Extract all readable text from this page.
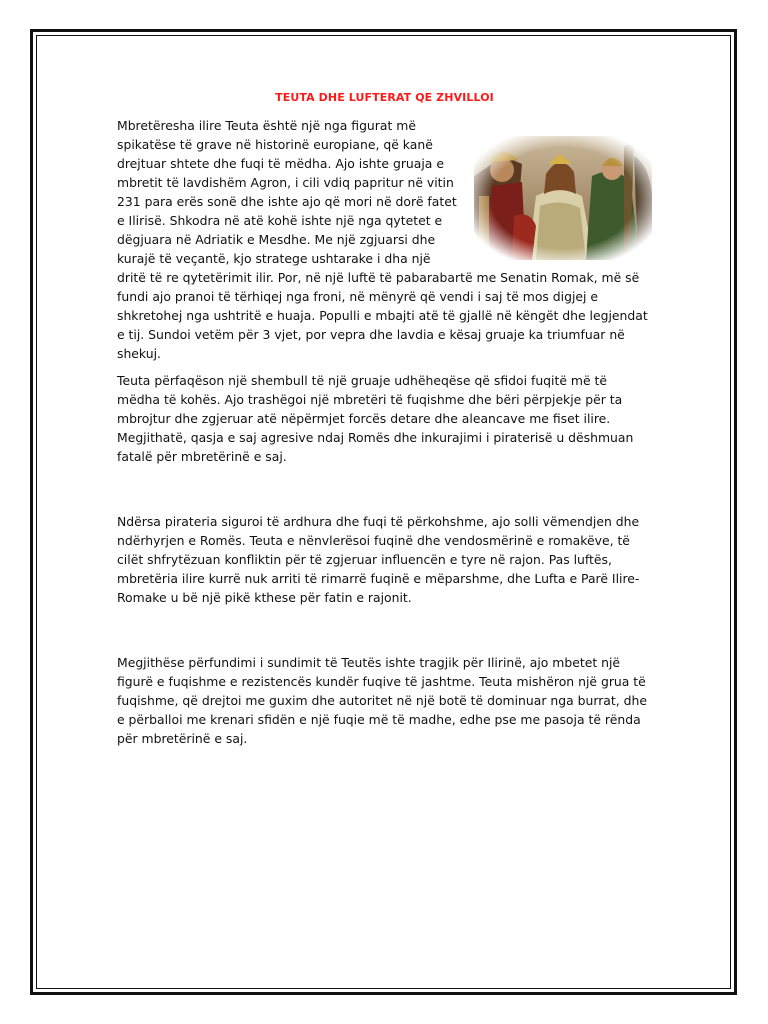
TEUTA DHE LUFTERAT QE ZHVILLOI

Mbretëresha ilire Teuta është një nga figurat më spikatëse të grave në historinë europiane, që kanë drejtuar shtete dhe fuqi të mëdha. Ajo ishte gruaja e mbretit të lavdishëm Agron, i cili vdiq papritur në vitin 231 para erës sonë dhe ishte ajo që mori në dorë fatet e Ilirisë. Shkodra në atë kohë ishte një nga qytetet e dëgjuara në Adriatik e Mesdhe. Me një zgjuarsi dhe kurajë të veçantë, kjo stratege ushtarake i dha një dritë të re qytetërimit ilir. Por, në një luftë të pabarabartë me Senatin Romak, më së fundi ajo pranoi të tërhiqej nga froni, në mënyrë që vendi i saj të mos digjej e shkretohej nga ushtritë e huaja. Populli e mbajti atë të gjallë në këngët dhe legjendat e tij. Sundoi vetëm për 3 vjet, por vepra dhe lavdia e kësaj gruaje ka triumfuar në shekuj.

Teuta përfaqëson një shembull të një gruaje udhëheqëse që sfidoi fuqitë më të mëdha të kohës. Ajo trashëgoi një mbretëri të fuqishme dhe bëri përpjekje për ta mbrojtur dhe zgjeruar atë nëpërmjet forcës detare dhe aleancave me fiset ilire. Megjithatë, qasja e saj agresive ndaj Romës dhe inkurajimi i piraterisë u dëshmuan fatalë për mbretërinë e saj.

Ndërsa pirateria siguroi të ardhura dhe fuqi të përkohshme, ajo solli vëmendjen dhe ndërhyrjen e Romës. Teuta e nënvlerësoi fuqinë dhe vendosmërinë e romakëve, të cilët shfrytëzuan konfliktin për të zgjeruar influencën e tyre në rajon. Pas luftës, mbretëria ilire kurrë nuk arriti të rimarrë fuqinë e mëparshme, dhe Lufta e Parë Ilire-Romake u bë një pikë kthese për fatin e rajonit.

Megjithëse përfundimi i sundimit të Teutës ishte tragjik për Ilirinë, ajo mbetet një figurë e fuqishme e rezistencës kundër fuqive të jashtme. Teuta mishëron një grua të fuqishme, që drejtoi me guxim dhe autoritet në një botë të dominuar nga burrat, dhe e përballoi me krenari sfidën e një fuqie më të madhe, edhe pse me pasoja të rënda për mbretërinë e saj.
